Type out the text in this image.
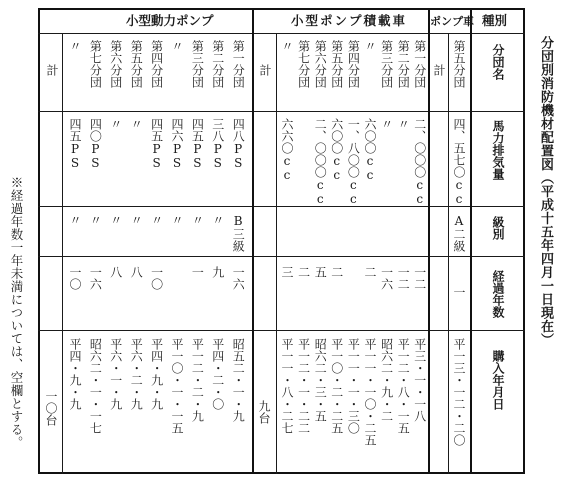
小型動力ポンプ	小型ポンプ積載車 ポンプ車 種別
分団名
馬力排気量
級別
経過年数
購入年月日
計 第五分団
四、五七〇cc
A二級
一
平一三・一二・二〇
計
九台
計
一〇台
〃
六六〇cc
三
平一一・八・二七
第七分団
二
平一二・一・二二
第六分団
二、〇〇〇cc
五
昭六二・三・五
第五分団
六〇〇cc
二
平一〇・二・二五
第四分団
一、八〇〇cc
平一一・一・三〇
〃
六〇〇cc
二
平一一・一〇・二五
第三分団
〃
一六
昭六二・九・二
第二分団
〃
一二
平一二・八・一五
第一分団
二、〇〇〇cc
一二
平三・一・一八
〃
四五PS
〃
一〇
平四・九・九
第七分団
四〇PS
〃
一六
昭六二・一・一七
第六分団
〃
〃
八
平六・一・九
第五分団
〃
〃
八
平六・二・九
第四分団
四五PS
〃
一〇
平四・九・九
〃
四六PS
〃
平一〇・一・一五
第三分団
四五PS
〃
一
平一二・二・九
第二分団
三八PS
〃
九
平四・二・〇
第一分団
四八PS
B三級
一六
昭五二・一・九
分団別消防機材配置図（平成十五年四月一日現在）
※経過年数一年未満については、空欄とする。
